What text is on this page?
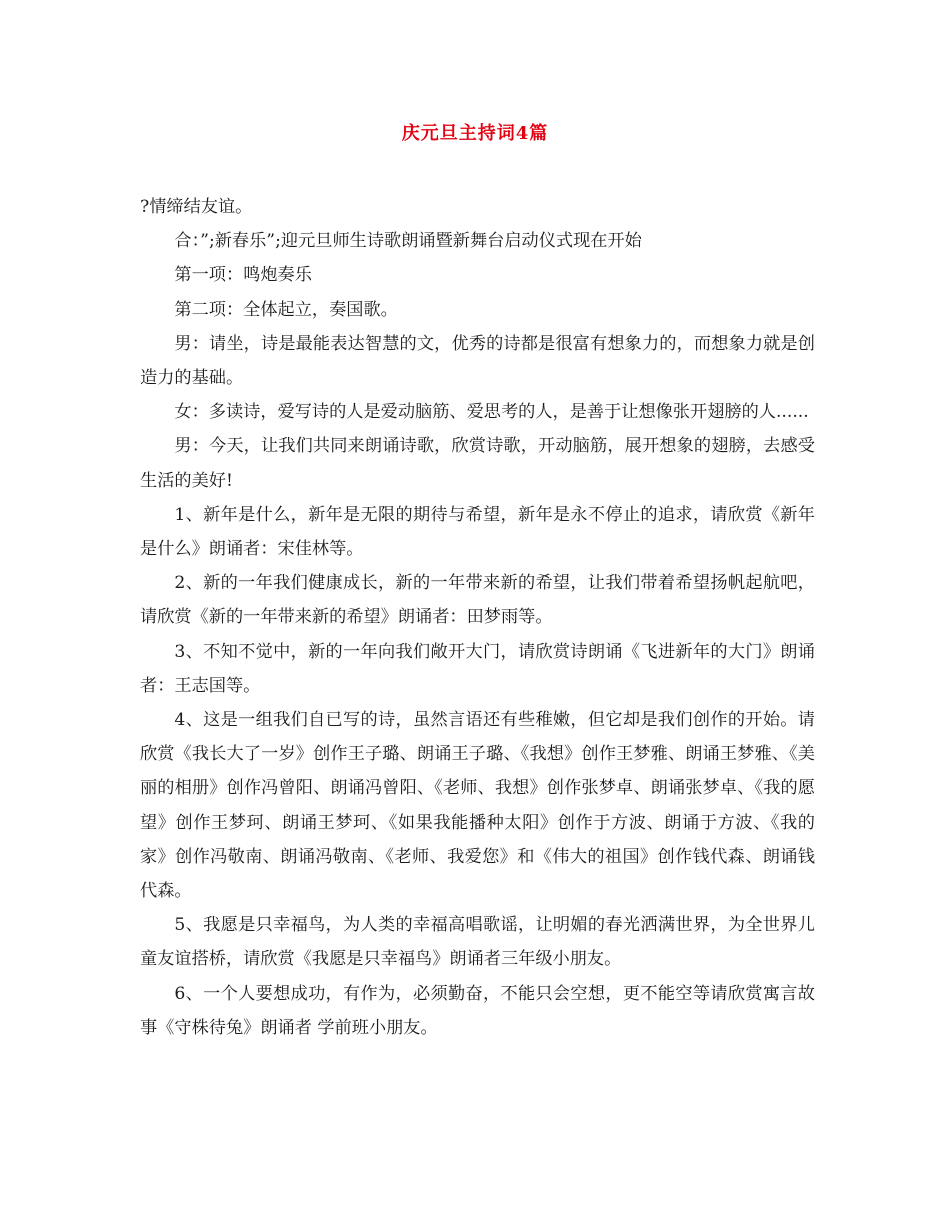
庆元旦主持词4篇

?情缔结友谊。

合：”;新春乐”;迎元旦师生诗歌朗诵暨新舞台启动仪式现在开始

第一项：鸣炮奏乐

第二项：全体起立，奏国歌。

男：请坐，诗是最能表达智慧的文，优秀的诗都是很富有想象力的，而想象力就是创造力的基础。

女：多读诗，爱写诗的人是爱动脑筋、爱思考的人，是善于让想像张开翅膀的人......

男：今天，让我们共同来朗诵诗歌，欣赏诗歌，开动脑筋，展开想象的翅膀，去感受生活的美好!

1、新年是什么，新年是无限的期待与希望，新年是永不停止的追求，请欣赏《新年是什么》朗诵者：宋佳林等。

2、新的一年我们健康成长，新的一年带来新的希望，让我们带着希望扬帆起航吧，请欣赏《新的一年带来新的希望》朗诵者：田梦雨等。

3、不知不觉中，新的一年向我们敞开大门，请欣赏诗朗诵《飞进新年的大门》朗诵者：王志国等。

4、这是一组我们自已写的诗，虽然言语还有些稚嫩，但它却是我们创作的开始。请欣赏《我长大了一岁》创作王子璐、朗诵王子璐、《我想》创作王梦雅、朗诵王梦雅、《美丽的相册》创作冯曾阳、朗诵冯曾阳、《老师、我想》创作张梦卓、朗诵张梦卓、《我的愿望》创作王梦珂、朗诵王梦珂、《如果我能播种太阳》创作于方波、朗诵于方波、《我的家》创作冯敬南、朗诵冯敬南、《老师、我爱您》和《伟大的祖国》创作钱代森、朗诵钱代森。

5、我愿是只幸福鸟，为人类的幸福高唱歌谣，让明媚的春光洒满世界，为全世界儿童友谊搭桥，请欣赏《我愿是只幸福鸟》朗诵者三年级小朋友。

6、一个人要想成功，有作为，必须勤奋，不能只会空想，更不能空等请欣赏寓言故事《守株待兔》朗诵者 学前班小朋友。
